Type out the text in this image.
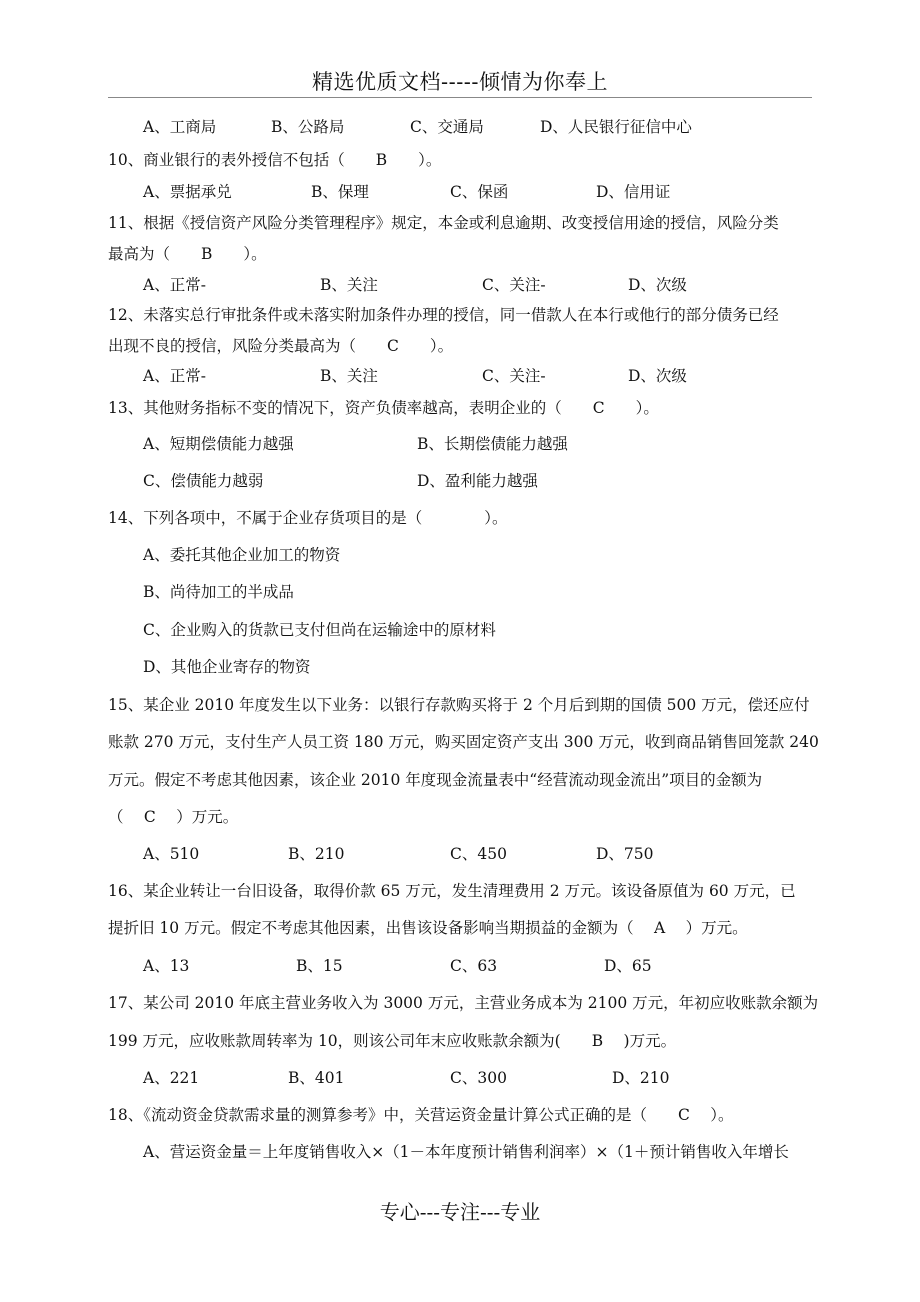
精选优质文档-----倾情为你奉上
A、工商局	B、公路局	C、交通局	D、人民银行征信中心
10、商业银行的表外授信不包括（　　B　　）。
A、票据承兑	B、保理	C、保函	D、信用证
11、根据《授信资产风险分类管理程序》规定，本金或利息逾期、改变授信用途的授信，风险分类
最高为（　　B　　）。
A、正常-	B、关注	C、关注-	D、次级
12、未落实总行审批条件或未落实附加条件办理的授信，同一借款人在本行或他行的部分债务已经
出现不良的授信，风险分类最高为（　　C　　）。
A、正常-	B、关注	C、关注-	D、次级
13、其他财务指标不变的情况下，资产负债率越高，表明企业的（　　C　　）。
A、短期偿债能力越强	B、长期偿债能力越强
C、偿债能力越弱	D、盈利能力越强
14、下列各项中，不属于企业存货项目的是（　　　　）。
A、委托其他企业加工的物资
B、尚待加工的半成品
C、企业购入的货款已支付但尚在运输途中的原材料
D、其他企业寄存的物资
15、某企业 2010 年度发生以下业务：以银行存款购买将于 2 个月后到期的国债 500 万元，偿还应付
账款 270 万元，支付生产人员工资 180 万元，购买固定资产支出 300 万元，收到商品销售回笼款 240
万元。假定不考虑其他因素，该企业 2010 年度现金流量表中“经营流动现金流出”项目的金额为
（　 C　 ）万元。
A、510	B、210	C、450	D、750
16、某企业转让一台旧设备，取得价款 65 万元，发生清理费用 2 万元。该设备原值为 60 万元，已
提折旧 10 万元。假定不考虑其他因素，出售该设备影响当期损益的金额为（　 A　 ）万元。
A、13	B、15	C、63	D、65
17、某公司 2010 年底主营业务收入为 3000 万元，主营业务成本为 2100 万元，年初应收账款余额为
199 万元，应收账款周转率为 10，则该公司年末应收账款余额为(　　B　 )万元。
A、221	B、401	C、300	D、210
18、《流动资金贷款需求量的测算参考》中，关营运资金量计算公式正确的是（　　C　 ）。
A、营运资金量＝上年度销售收入×（1－本年度预计销售利润率）×（1＋预计销售收入年增长
专心---专注---专业
